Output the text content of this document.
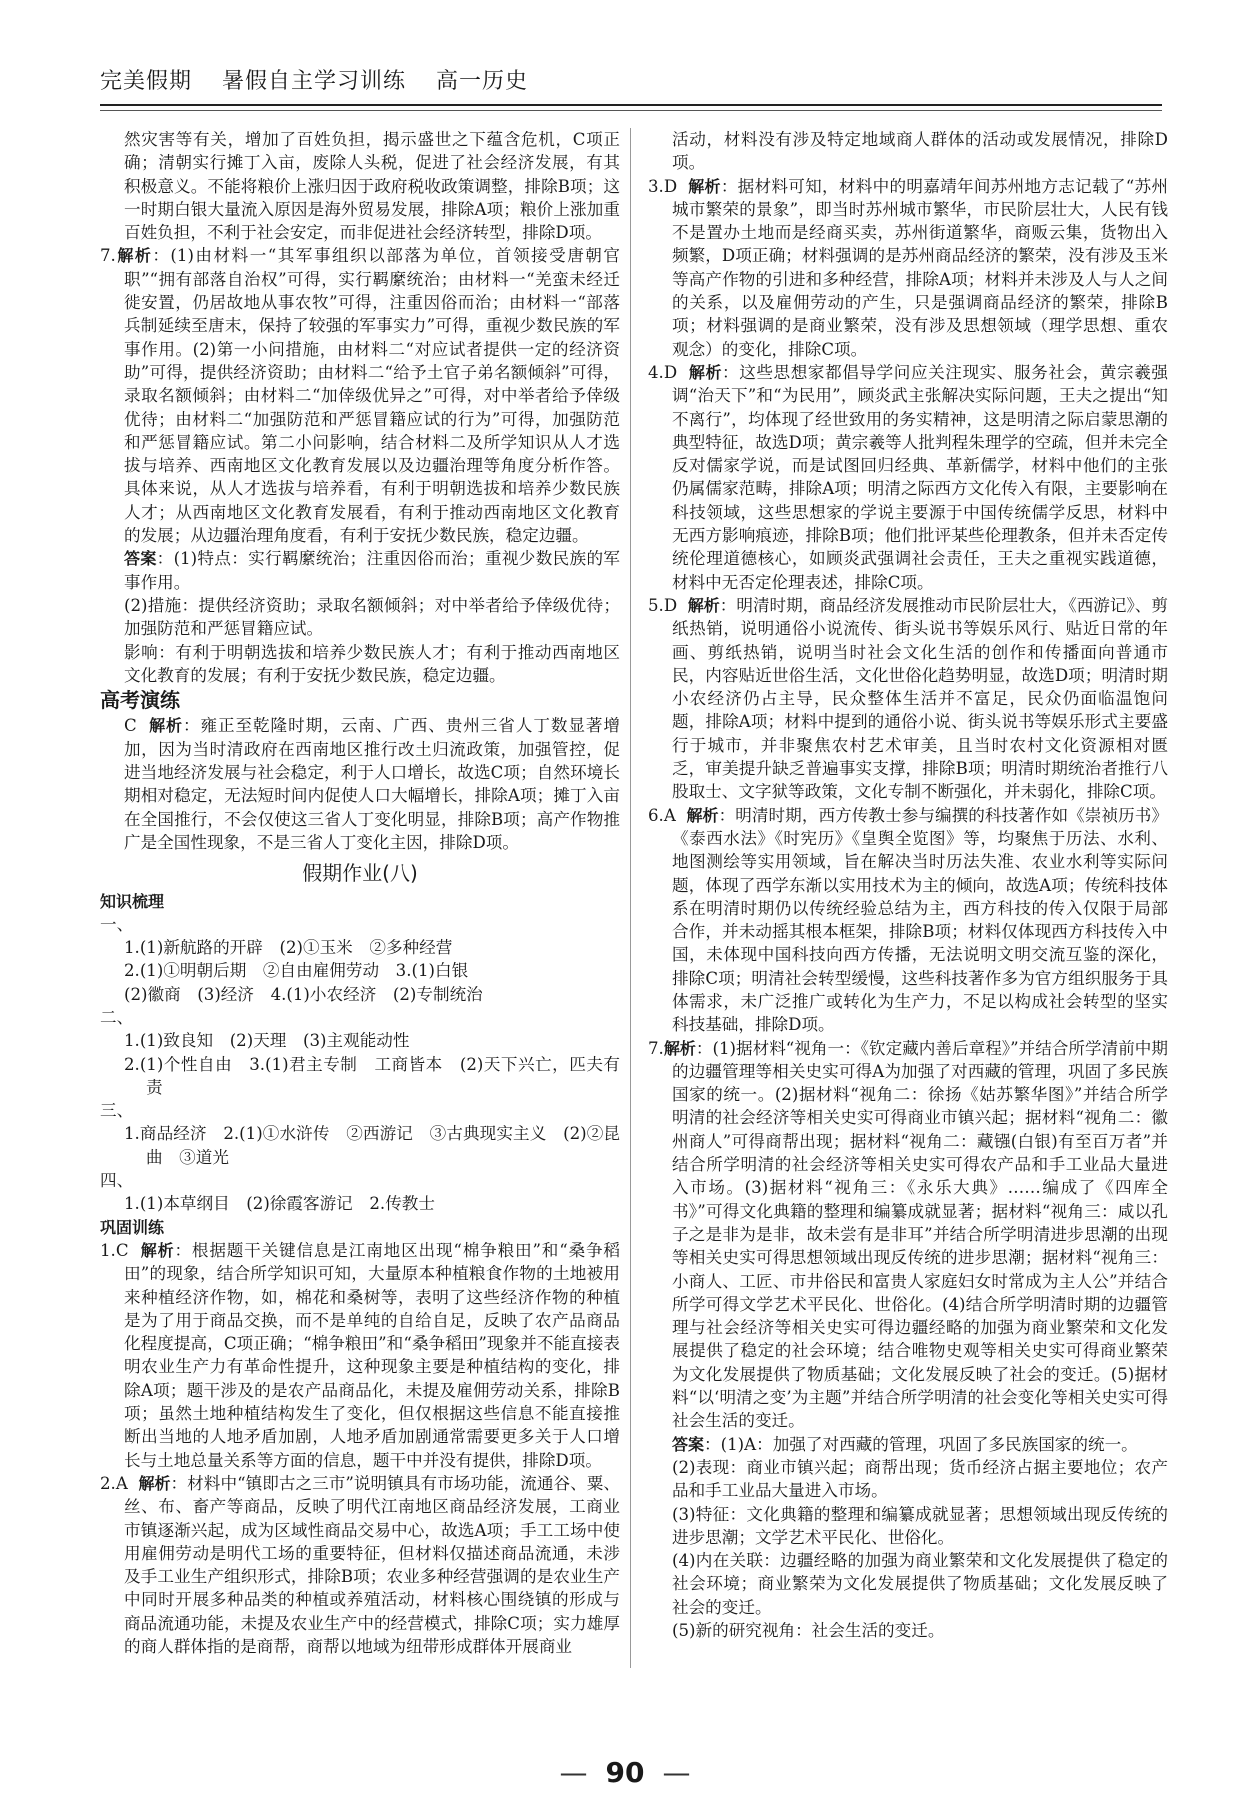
完美假期 暑假自主学习训练 高一历史

然灾害等有关，增加了百姓负担，揭示盛世之下蕴含危机，C项正确；清朝实行摊丁入亩，废除人头税，促进了社会经济发展，有其积极意义。不能将粮价上涨归因于政府税收政策调整，排除B项；这一时期白银大量流入原因是海外贸易发展，排除A项；粮价上涨加重百姓负担，不利于社会安定，而非促进社会经济转型，排除D项。

7.解析：(1)由材料一“其军事组织以部落为单位，首领接受唐朝官职”“拥有部落自治权”可得，实行羁縻统治；由材料一“羌蛮未经迁徙安置，仍居故地从事农牧”可得，注重因俗而治；由材料一“部落兵制延续至唐末，保持了较强的军事实力”可得，重视少数民族的军事作用。(2)第一小问措施，由材料二“对应试者提供一定的经济资助”可得，提供经济资助；由材料二“给予土官子弟名额倾斜”可得，录取名额倾斜；由材料二“加倖级优异之”可得，对中举者给予倖级优待；由材料二“加强防范和严惩冒籍应试的行为”可得，加强防范和严惩冒籍应试。第二小问影响，结合材料二及所学知识从人才选拔与培养、西南地区文化教育发展以及边疆治理等角度分析作答。具体来说，从人才选拔与培养看，有利于明朝选拔和培养少数民族人才；从西南地区文化教育发展看，有利于推动西南地区文化教育的发展；从边疆治理角度看，有利于安抚少数民族，稳定边疆。

答案：(1)特点：实行羁縻统治；注重因俗而治；重视少数民族的军事作用。

(2)措施：提供经济资助；录取名额倾斜；对中举者给予倖级优待；加强防范和严惩冒籍应试。

影响：有利于明朝选拔和培养少数民族人才；有利于推动西南地区文化教育的发展；有利于安抚少数民族，稳定边疆。

高考演练

C 解析：雍正至乾隆时期，云南、广西、贵州三省人丁数显著增加，因为当时清政府在西南地区推行改土归流政策，加强管控，促进当地经济发展与社会稳定，利于人口增长，故选C项；自然环境长期相对稳定，无法短时间内促使人口大幅增长，排除A项；摊丁入亩在全国推行，不会仅使这三省人丁变化明显，排除B项；高产作物推广是全国性现象，不是三省人丁变化主因，排除D项。

假期作业(八)
知识梳理
一、
1.(1)新航路的开辟　(2)①玉米　②多种经营
2.(1)①明朝后期　②自由雇佣劳动　3.(1)白银
(2)徽商　(3)经济　4.(1)小农经济　(2)专制统治
二、
1.(1)致良知　(2)天理　(3)主观能动性
2.(1)个性自由　3.(1)君主专制　工商皆本　(2)天下兴亡，匹夫有责
三、
1.商品经济　2.(1)①水浒传　②西游记　③古典现实主义　(2)②昆曲　③道光
四、
1.(1)本草纲目　(2)徐霞客游记　2.传教士
巩固训练

1.C 解析：根据题干关键信息是江南地区出现“棉争粮田”和“桑争稻田”的现象，结合所学知识可知，大量原本种植粮食作物的土地被用来种植经济作物，如，棉花和桑树等，表明了这些经济作物的种植是为了用于商品交换，而不是单纯的自给自足，反映了农产品商品化程度提高，C项正确；“棉争粮田”和“桑争稻田”现象并不能直接表明农业生产力有革命性提升，这种现象主要是种植结构的变化，排除A项；题干涉及的是农产品商品化，未提及雇佣劳动关系，排除B项；虽然土地种植结构发生了变化，但仅根据这些信息不能直接推断出当地的人地矛盾加剧，人地矛盾加剧通常需要更多关于人口增长与土地总量关系等方面的信息，题干中并没有提供，排除D项。

2.A 解析：材料中“镇即古之三市”说明镇具有市场功能，流通谷、粟、丝、布、畜产等商品，反映了明代江南地区商品经济发展，工商业市镇逐渐兴起，成为区域性商品交易中心，故选A项；手工工场中使用雇佣劳动是明代工场的重要特征，但材料仅描述商品流通，未涉及手工业生产组织形式，排除B项；农业多种经营强调的是农业生产中同时开展多种品类的种植或养殖活动，材料核心围绕镇的形成与商品流通功能，未提及农业生产中的经营模式，排除C项；实力雄厚的商人群体指的是商帮，商帮以地域为纽带形成群体开展商业

活动，材料没有涉及特定地域商人群体的活动或发展情况，排除D项。

3.D 解析：据材料可知，材料中的明嘉靖年间苏州地方志记载了“苏州城市繁荣的景象”，即当时苏州城市繁华，市民阶层壮大，人民有钱不是置办土地而是经商买卖，苏州街道繁华，商贩云集，货物出入频繁，D项正确；材料强调的是苏州商品经济的繁荣，没有涉及玉米等高产作物的引进和多种经营，排除A项；材料并未涉及人与人之间的关系，以及雇佣劳动的产生，只是强调商品经济的繁荣，排除B项；材料强调的是商业繁荣，没有涉及思想领域（理学思想、重农观念）的变化，排除C项。

4.D 解析：这些思想家都倡导学问应关注现实、服务社会，黄宗羲强调“治天下”和“为民用”，顾炎武主张解决实际问题，王夫之提出“知不离行”，均体现了经世致用的务实精神，这是明清之际启蒙思潮的典型特征，故选D项；黄宗羲等人批判程朱理学的空疏，但并未完全反对儒家学说，而是试图回归经典、革新儒学，材料中他们的主张仍属儒家范畴，排除A项；明清之际西方文化传入有限，主要影响在科技领域，这些思想家的学说主要源于中国传统儒学反思，材料中无西方影响痕迹，排除B项；他们批评某些伦理教条，但并未否定传统伦理道德核心，如顾炎武强调社会责任，王夫之重视实践道德，材料中无否定伦理表述，排除C项。

5.D 解析：明清时期，商品经济发展推动市民阶层壮大，《西游记》、剪纸热销，说明通俗小说流传、街头说书等娱乐风行、贴近日常的年画、剪纸热销，说明当时社会文化生活的创作和传播面向普通市民，内容贴近世俗生活，文化世俗化趋势明显，故选D项；明清时期小农经济仍占主导，民众整体生活并不富足，民众仍面临温饱问题，排除A项；材料中提到的通俗小说、街头说书等娱乐形式主要盛行于城市，并非聚焦农村艺术审美，且当时农村文化资源相对匮乏，审美提升缺乏普遍事实支撑，排除B项；明清时期统治者推行八股取士、文字狱等政策，文化专制不断强化，并未弱化，排除C项。

6.A 解析：明清时期，西方传教士参与编撰的科技著作如《崇祯历书》《泰西水法》《时宪历》《皇舆全览图》等，均聚焦于历法、水利、地图测绘等实用领域，旨在解决当时历法失准、农业水利等实际问题，体现了西学东渐以实用技术为主的倾向，故选A项；传统科技体系在明清时期仍以传统经验总结为主，西方科技的传入仅限于局部合作，并未动摇其根本框架，排除B项；材料仅体现西方科技传入中国，未体现中国科技向西方传播，无法说明文明交流互鉴的深化，排除C项；明清社会转型缓慢，这些科技著作多为官方组织服务于具体需求，未广泛推广或转化为生产力，不足以构成社会转型的坚实科技基础，排除D项。

7.解析：(1)据材料“视角一：《钦定藏内善后章程》”并结合所学清前中期的边疆管理等相关史实可得A为加强了对西藏的管理，巩固了多民族国家的统一。(2)据材料“视角二：徐扬《姑苏繁华图》”并结合所学明清的社会经济等相关史实可得商业市镇兴起；据材料“视角二：徽州商人”可得商帮出现；据材料“视角二：藏镪(白银)有至百万者”并结合所学明清的社会经济等相关史实可得农产品和手工业品大量进入市场。(3)据材料“视角三：《永乐大典》……编成了《四库全书》”可得文化典籍的整理和编纂成就显著；据材料“视角三：咸以孔子之是非为是非，故未尝有是非耳”并结合所学明清进步思潮的出现等相关史实可得思想领域出现反传统的进步思潮；据材料“视角三：小商人、工匠、市井俗民和富贵人家庭妇女时常成为主人公”并结合所学可得文学艺术平民化、世俗化。(4)结合所学明清时期的边疆管理与社会经济等相关史实可得边疆经略的加强为商业繁荣和文化发展提供了稳定的社会环境；结合唯物史观等相关史实可得商业繁荣为文化发展提供了物质基础；文化发展反映了社会的变迁。(5)据材料“以‘明清之变’为主题”并结合所学明清的社会变化等相关史实可得社会生活的变迁。

答案：(1)A：加强了对西藏的管理，巩固了多民族国家的统一。

(2)表现：商业市镇兴起；商帮出现；货币经济占据主要地位；农产品和手工业品大量进入市场。

(3)特征：文化典籍的整理和编纂成就显著；思想领域出现反传统的进步思潮；文学艺术平民化、世俗化。

(4)内在关联：边疆经略的加强为商业繁荣和文化发展提供了稳定的社会环境；商业繁荣为文化发展提供了物质基础；文化发展反映了社会的变迁。

(5)新的研究视角：社会生活的变迁。

— 90 —
